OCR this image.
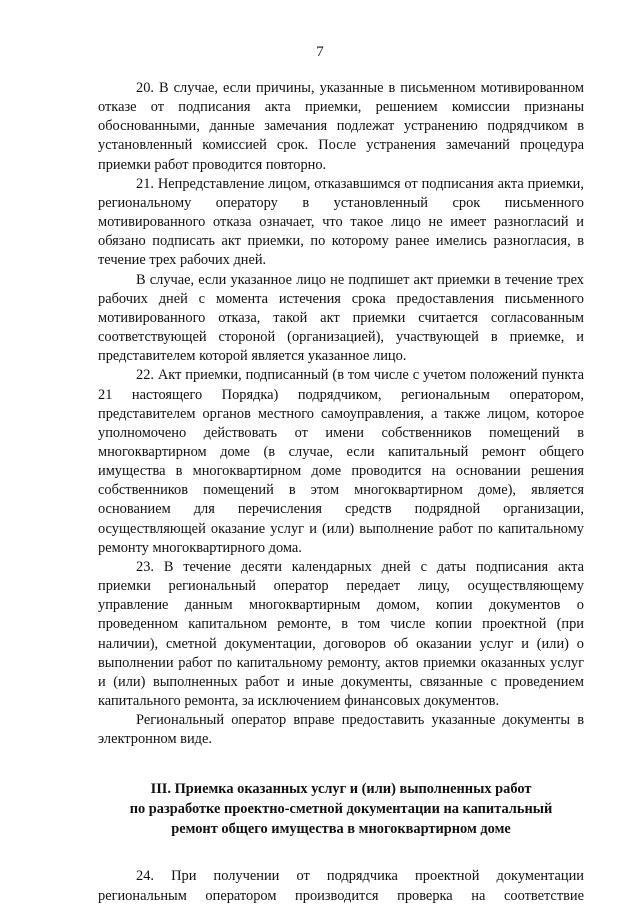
7

20. В случае, если причины, указанные в письменном мотивированном отказе от подписания акта приемки, решением комиссии признаны обоснованными, данные замечания подлежат устранению подрядчиком в установленный комиссией срок. После устранения замечаний процедура приемки работ проводится повторно.

21. Непредставление лицом, отказавшимся от подписания акта приемки, региональному оператору в установленный срок письменного мотивированного отказа означает, что такое лицо не имеет разногласий и обязано подписать акт приемки, по которому ранее имелись разногласия, в течение трех рабочих дней.

В случае, если указанное лицо не подпишет акт приемки в течение трех рабочих дней с момента истечения срока предоставления письменного мотивированного отказа, такой акт приемки считается согласованным соответствующей стороной (организацией), участвующей в приемке, и представителем которой является указанное лицо.

22. Акт приемки, подписанный (в том числе с учетом положений пункта 21 настоящего Порядка) подрядчиком, региональным оператором, представителем органов местного самоуправления, а также лицом, которое уполномочено действовать от имени собственников помещений в многоквартирном доме (в случае, если капитальный ремонт общего имущества в многоквартирном доме проводится на основании решения собственников помещений в этом многоквартирном доме), является основанием для перечисления средств подрядной организации, осуществляющей оказание услуг и (или) выполнение работ по капитальному ремонту многоквартирного дома.

23. В течение десяти календарных дней с даты подписания акта приемки региональный оператор передает лицу, осуществляющему управление данным многоквартирным домом, копии документов о проведенном капитальном ремонте, в том числе копии проектной (при наличии), сметной документации, договоров об оказании услуг и (или) о выполнении работ по капитальному ремонту, актов приемки оказанных услуг и (или) выполненных работ и иные документы, связанные с проведением капитального ремонта, за исключением финансовых документов.

Региональный оператор вправе предоставить указанные документы в электронном виде.

III. Приемка оказанных услуг и (или) выполненных работ
по разработке проектно-сметной документации на капитальный
ремонт общего имущества в многоквартирном доме

24. При получении от подрядчика проектной документации региональным оператором производится проверка на соответствие
